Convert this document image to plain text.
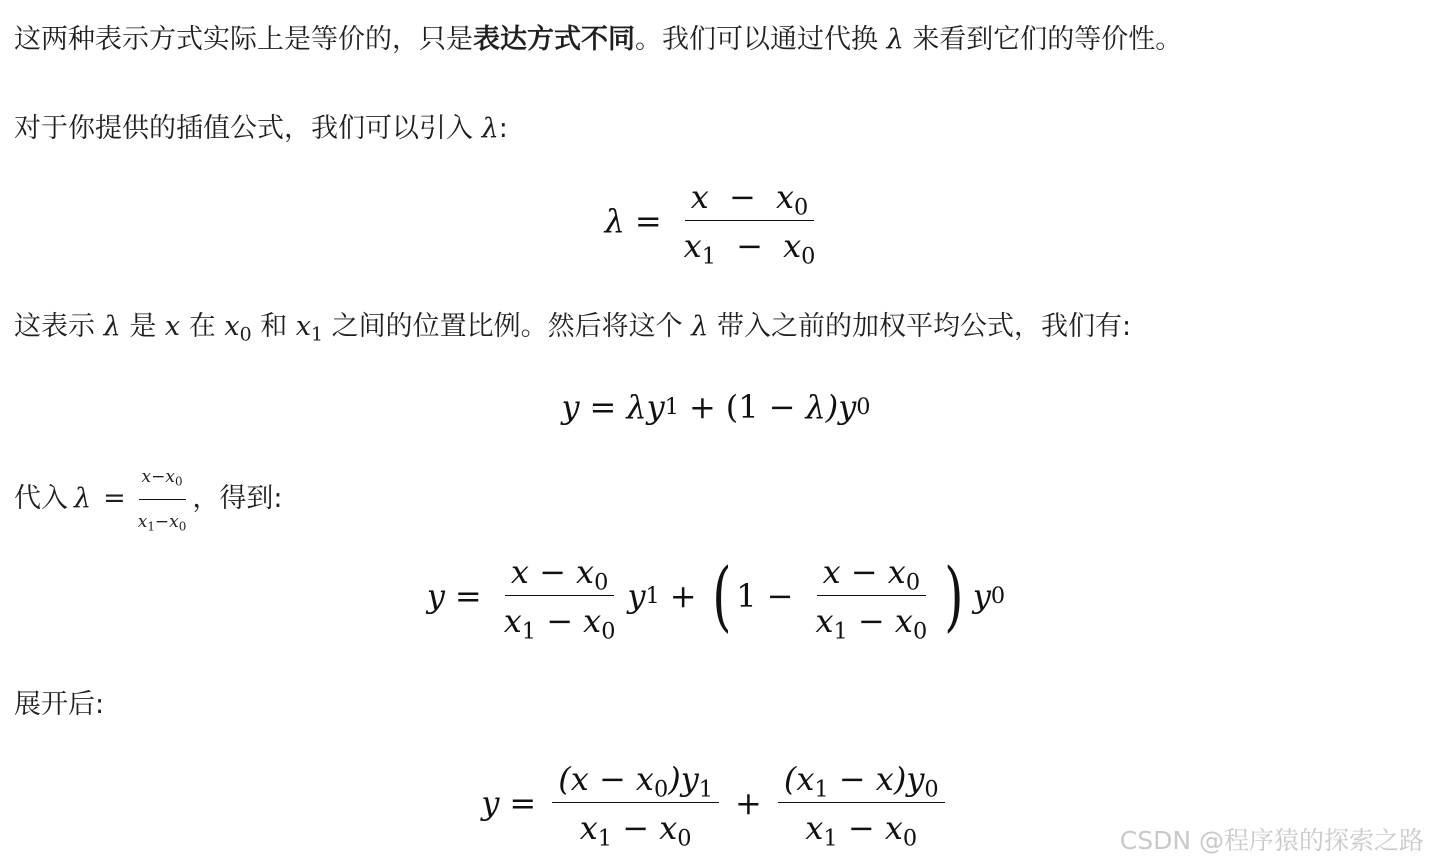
这两种表示方式实际上是等价的，只是表达方式不同。我们可以通过代换 λ 来看到它们的等价性。
对于你提供的插值公式，我们可以引入 λ:
$\lambda = \frac{x - x_0}{x_1 - x_0}$
这表示 λ 是 x 在 $x_0$ 和 $x_1$ 之间的位置比例。然后将这个 λ 带入之前的加权平均公式，我们有:
y = λ y 1 + (1 − λ) y 0
代入 $\lambda = \frac{x-x_0}{x_1-x_0}$ ，得到:
$y = \frac{x - x_0}{x_1 - x_0}$ y 1 + ( $1 - \frac{x - x_0}{x_1 - x_0}$ ) y 0
展开后:
$y = \frac{(x - x_0)y_1}{x_1 - x_0} + \frac{(x_1 - x)y_0}{x_1 - x_0}$	CSDN @程序猿的探索之路
